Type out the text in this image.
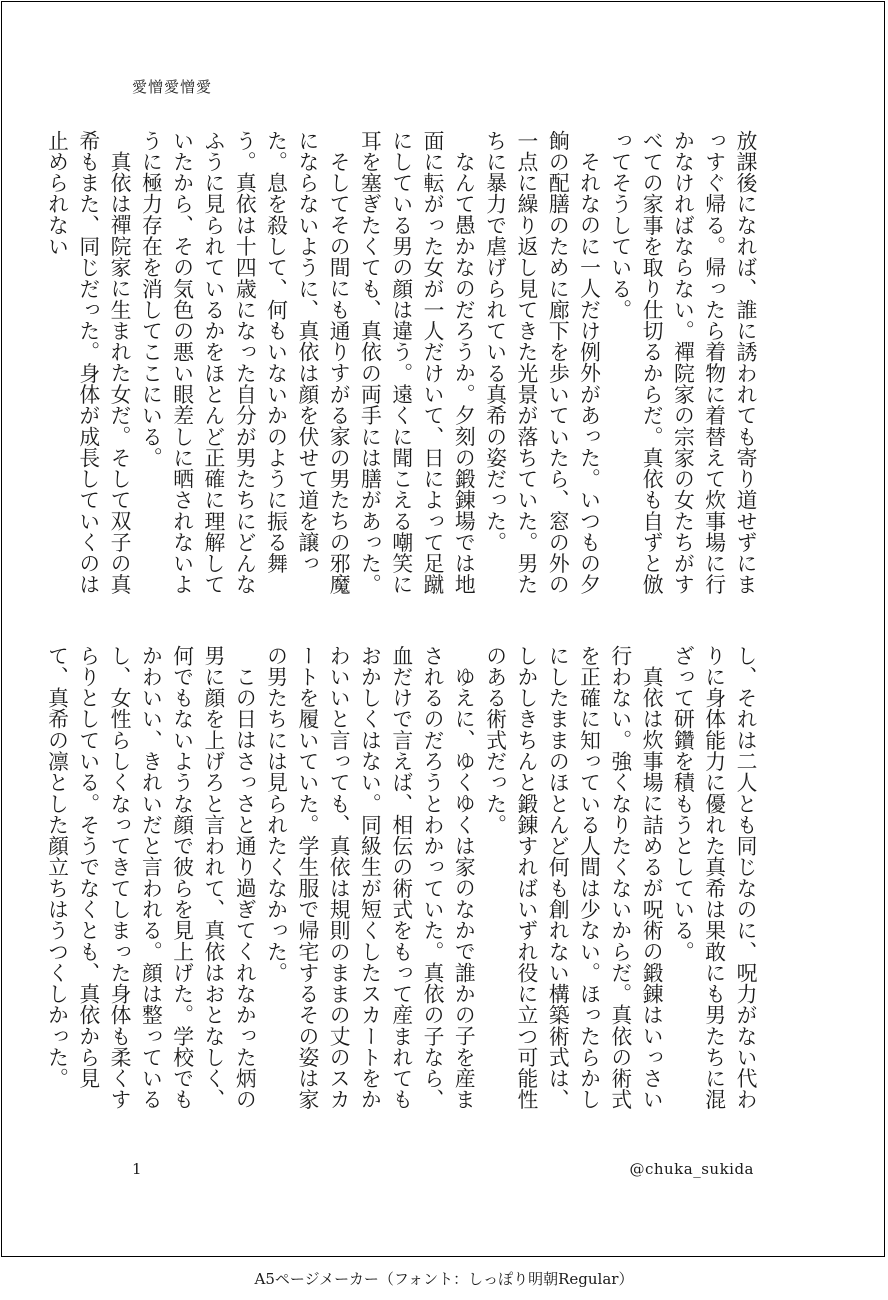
愛憎愛憎愛

放課後になれば、誰に誘われても寄り道せずにまっすぐ帰る。帰ったら着物に着替えて炊事場に行かなければならない。禪院家の宗家の女たちがすべての家事を取り仕切るからだ。真依も自ずと倣ってそうしている。

それなのに一人だけ例外があった。いつもの夕餉の配膳のために廊下を歩いていたら、窓の外の一点に繰り返し見てきた光景が落ちていた。男たちに暴力で虐げられている真希の姿だった。

なんて愚かなのだろうか。夕刻の鍛錬場では地面に転がった女が一人だけいて、日によって足蹴にしている男の顔は違う。遠くに聞こえる嘲笑に耳を塞ぎたくても、真依の両手には膳があった。

そしてその間にも通りすがる家の男たちの邪魔にならないように、真依は顔を伏せて道を譲った。息を殺して、何もいないかのように振る舞う。真依は十四歳になった自分が男たちにどんなふうに見られているかをほとんど正確に理解していたから、その気色の悪い眼差しに晒されないように極力存在を消してここにいる。

真依は禪院家に生まれた女だ。そして双子の真希もまた、同じだった。身体が成長していくのは止められない

し、それは二人とも同じなのに、呪力がない代わりに身体能力に優れた真希は果敢にも男たちに混ざって研鑽を積もうとしている。

真依は炊事場に詰めるが呪術の鍛錬はいっさい行わない。強くなりたくないからだ。真依の術式を正確に知っている人間は少ない。ほったらかしにしたままのほとんど何も創れない構築術式は、しかしきちんと鍛錬すればいずれ役に立つ可能性のある術式だった。

ゆえに、ゆくゆくは家のなかで誰かの子を産まされるのだろうとわかっていた。真依の子なら、血だけで言えば、相伝の術式をもって産まれてもおかしくはない。同級生が短くしたスカートをかわいいと言っても、真依は規則のままの丈のスカートを履いていた。学生服で帰宅するその姿は家の男たちには見られたくなかった。

この日はさっさと通り過ぎてくれなかった炳の男に顔を上げろと言われて、真依はおとなしく、何でもないような顔で彼らを見上げた。学校でもかわいい、きれいだと言われる。顔は整っているし、女性らしくなってきてしまった身体も柔くすらりとしている。そうでなくとも、真依から見て、真希の凛とした顔立ちはうつくしかった。

1	@chuka_sukida
A5ページメーカー（フォント：しっぽり明朝Regular）
